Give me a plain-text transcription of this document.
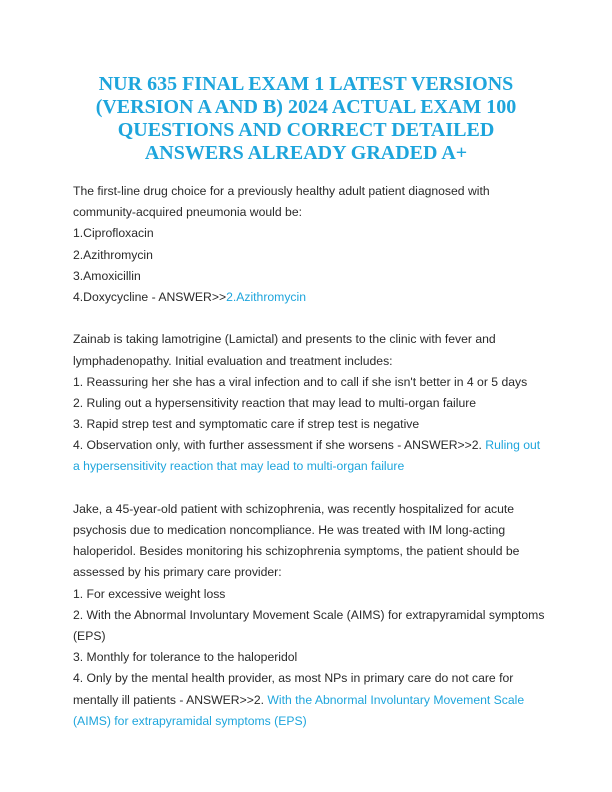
NUR 635 FINAL EXAM 1 LATEST VERSIONS
(VERSION A AND B) 2024 ACTUAL EXAM 100
QUESTIONS AND CORRECT DETAILED
ANSWERS ALREADY GRADED A+
The first-line drug choice for a previously healthy adult patient diagnosed with
community-acquired pneumonia would be:
1.Ciprofloxacin
2.Azithromycin
3.Amoxicillin
4.Doxycycline - ANSWER>>2.Azithromycin
Zainab is taking lamotrigine (Lamictal) and presents to the clinic with fever and
lymphadenopathy. Initial evaluation and treatment includes:
1. Reassuring her she has a viral infection and to call if she isn't better in 4 or 5 days
2. Ruling out a hypersensitivity reaction that may lead to multi-organ failure
3. Rapid strep test and symptomatic care if strep test is negative
4. Observation only, with further assessment if she worsens - ANSWER>>2. Ruling out
a hypersensitivity reaction that may lead to multi-organ failure
Jake, a 45-year-old patient with schizophrenia, was recently hospitalized for acute
psychosis due to medication noncompliance. He was treated with IM long-acting
haloperidol. Besides monitoring his schizophrenia symptoms, the patient should be
assessed by his primary care provider:
1. For excessive weight loss
2. With the Abnormal Involuntary Movement Scale (AIMS) for extrapyramidal symptoms
(EPS)
3. Monthly for tolerance to the haloperidol
4. Only by the mental health provider, as most NPs in primary care do not care for
mentally ill patients - ANSWER>>2. With the Abnormal Involuntary Movement Scale
(AIMS) for extrapyramidal symptoms (EPS)
